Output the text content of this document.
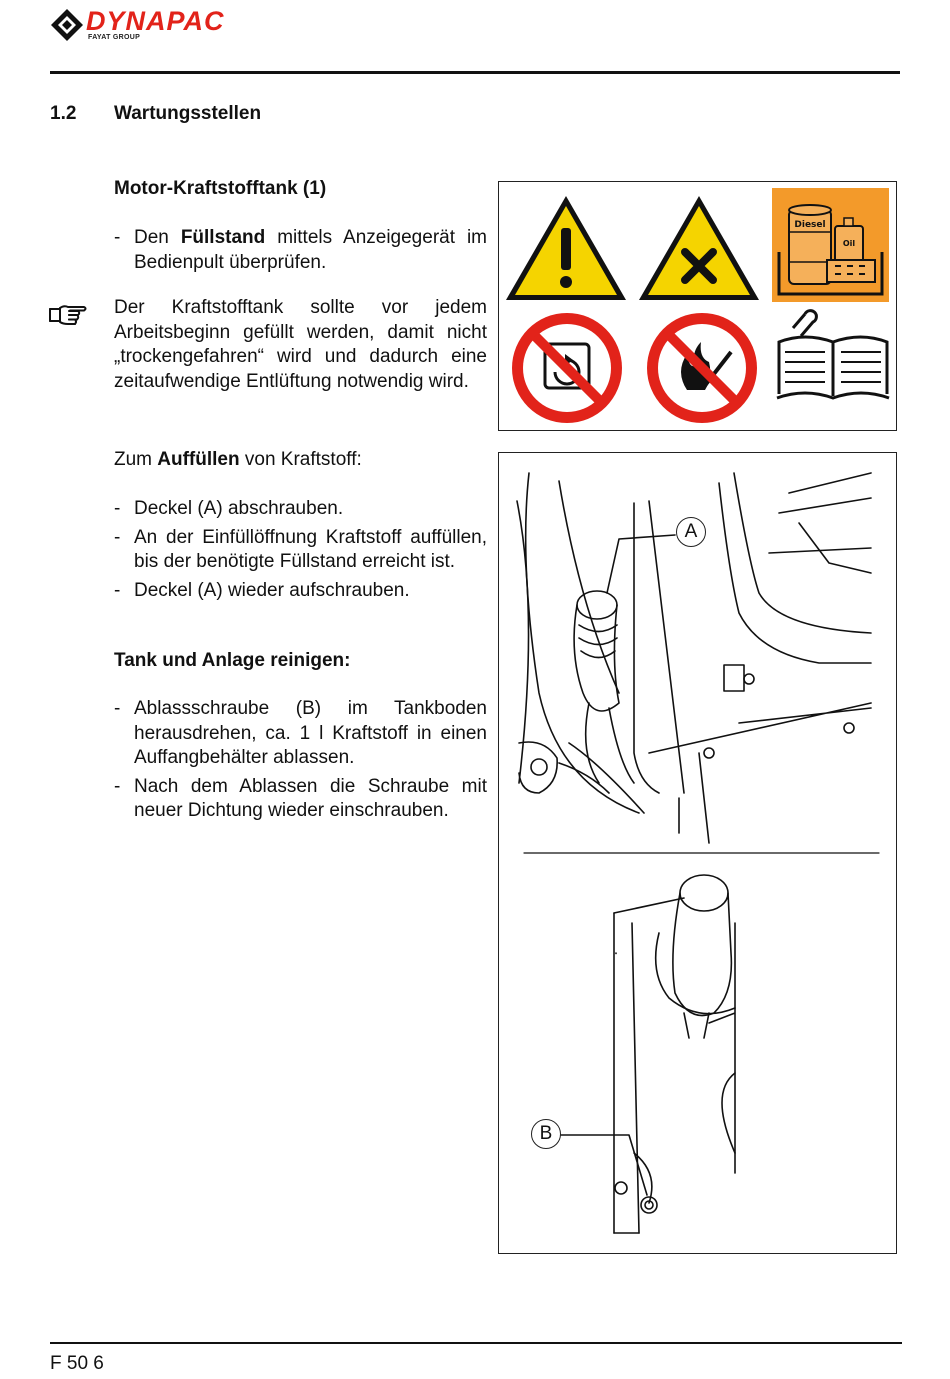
DYNAPAC
FAYAT GROUP
1.2 Wartungsstellen
Motor-Kraftstofftank (1)
- Den Füllstand mittels Anzeigegerät im Bedienpult überprüfen.
Der Kraftstofftank sollte vor jedem Arbeitsbeginn gefüllt werden, damit nicht „trockengefahren“ wird und dadurch eine zeitaufwendige Entlüftung notwendig wird.
Zum Auffüllen von Kraftstoff:
- Deckel (A) abschrauben.
- An der Einfüllöffnung Kraftstoff auffüllen, bis der benötigte Füllstand erreicht ist.
- Deckel (A) wieder aufschrauben.
Tank und Anlage reinigen:
- Ablassschraube (B) im Tankboden herausdrehen, ca. 1 l Kraftstoff in einen Auffangbehälter ablassen.
- Nach dem Ablassen die Schraube mit neuer Dichtung wieder einschrauben.
Diesel
Oil
A
B
F 50 6
